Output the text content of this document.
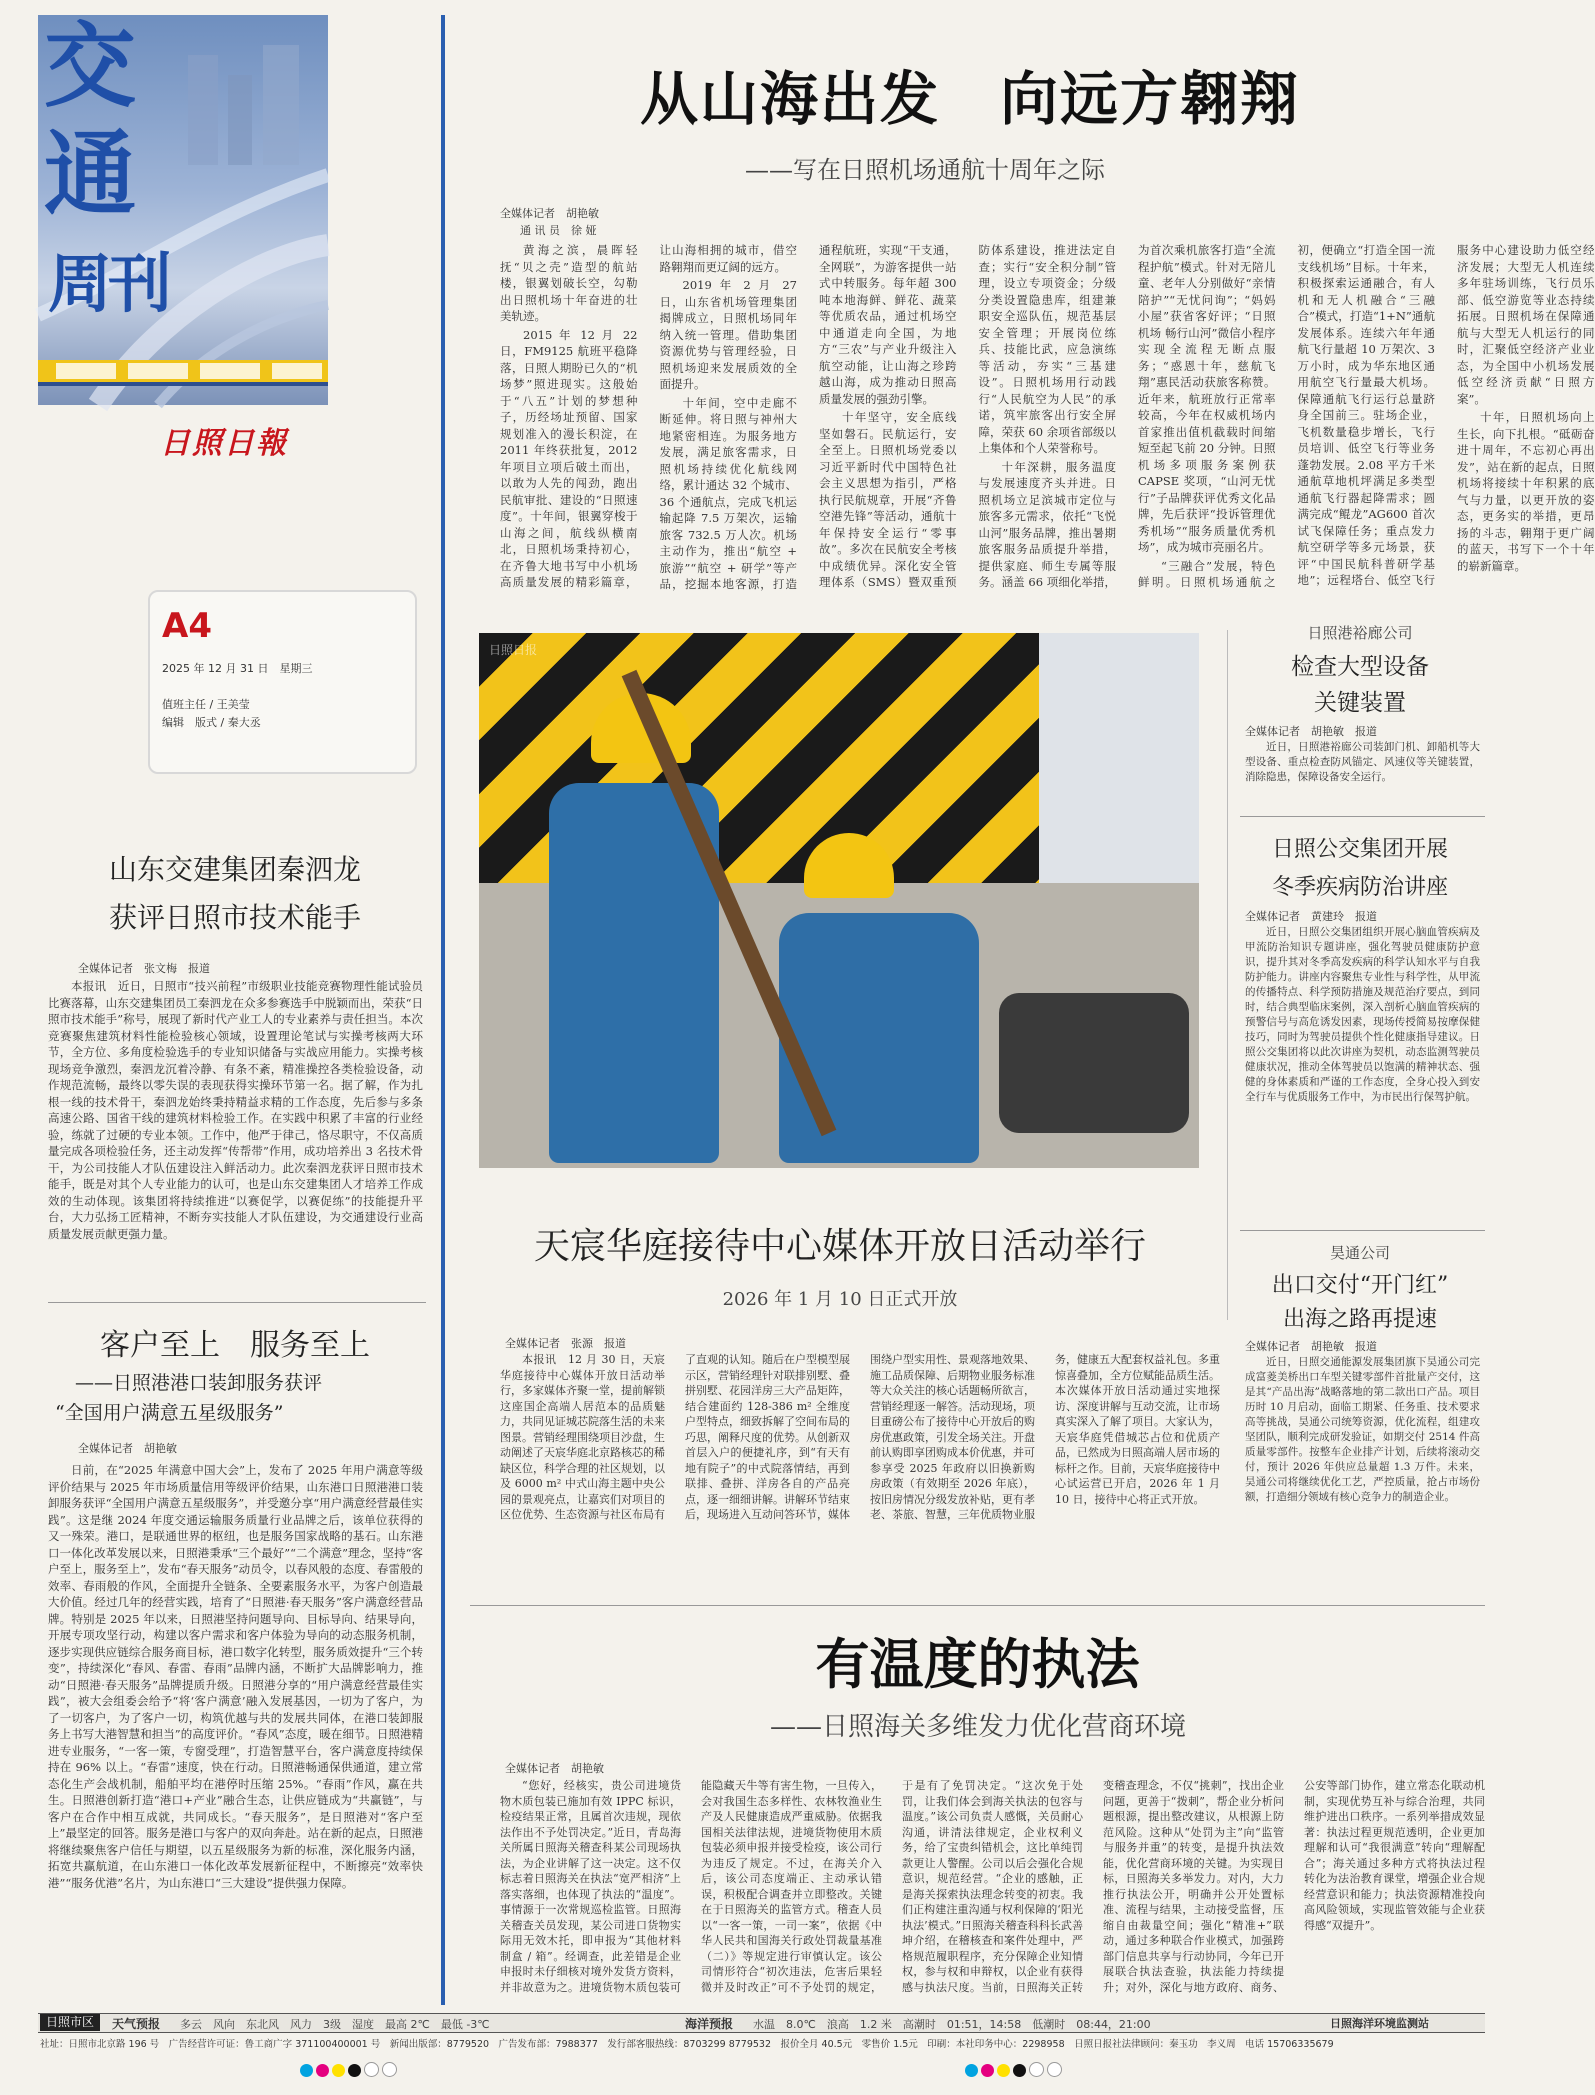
交
通
周刊
日照日報
A4
2025 年 12 月 31 日　星期三
值班主任 / 王美莹
编辑　版式 / 秦大丞
山东交建集团秦泗龙
获评日照市技术能手
全媒体记者　张文梅　报道

本报讯　近日，日照市“技兴前程”市级职业技能竞赛物理性能试验员比赛落幕，山东交建集团员工秦泗龙在众多参赛选手中脱颖而出，荣获“日照市技术能手”称号，展现了新时代产业工人的专业素养与责任担当。本次竞赛聚焦建筑材料性能检验核心领域，设置理论笔试与实操考核两大环节，全方位、多角度检验选手的专业知识储备与实战应用能力。实操考核现场竞争激烈，秦泗龙沉着冷静、有条不紊，精准操控各类检验设备，动作规范流畅，最终以零失误的表现获得实操环节第一名。据了解，作为扎根一线的技术骨干，秦泗龙始终秉持精益求精的工作态度，先后参与多条高速公路、国省干线的建筑材料检验工作。在实践中积累了丰富的行业经验，练就了过硬的专业本领。工作中，他严于律己，恪尽职守，不仅高质量完成各项检验任务，还主动发挥“传帮带”作用，成功培养出 3 名技术骨干，为公司技能人才队伍建设注入鲜活动力。此次秦泗龙获评日照市技术能手，既是对其个人专业能力的认可，也是山东交建集团人才培养工作成效的生动体现。该集团将持续推进“以赛促学，以赛促练”的技能提升平台，大力弘扬工匠精神，不断夯实技能人才队伍建设，为交通建设行业高质量发展贡献更强力量。

客户至上　服务至上
——日照港港口装卸服务获评
“全国用户满意五星级服务”
全媒体记者　胡艳敏

日前，在“2025 年满意中国大会”上，发布了 2025 年用户满意等级评价结果与 2025 年市场质量信用等级评价结果，山东港口日照港港口装卸服务获评“全国用户满意五星级服务”，并受邀分享“用户满意经营最佳实践”。这是继 2024 年度交通运输服务质量行业品牌之后，该单位获得的又一殊荣。港口，是联通世界的枢纽，也是服务国家战略的基石。山东港口一体化改革发展以来，日照港秉承“三个最好”“二个满意”理念，坚持“客户至上，服务至上”，发布“春天服务”动员令，以春风般的态度、春雷般的效率、春雨般的作风，全面提升全链条、全要素服务水平，为客户创造最大价值。经过几年的经营实践，培育了“日照港·春天服务”客户满意经营品牌。特别是 2025 年以来，日照港坚持问题导向、目标导向、结果导向，开展专项攻坚行动，构建以客户需求和客户体验为导向的动态服务机制，逐步实现供应链综合服务商目标，港口数字化转型，服务质效提升“三个转变”，持续深化“春风、春雷、春雨”品牌内涵，不断扩大品牌影响力，推动“日照港·春天服务”品牌提质升级。日照港分享的“用户满意经营最佳实践”，被大会组委会给予“将‘客户满意’融入发展基因，一切为了客户，为了一切客户，为了客户一切，构筑优越与共的发展共同体，在港口装卸服务上书写大港智慧和担当”的高度评价。“春风”态度，暖在细节。日照港精进专业服务，“一客一策，专窗受理”，打造智慧平台，客户满意度持续保持在 96% 以上。“春雷”速度，快在行动。日照港畅通保供通道，建立常态化生产会战机制，船舶平均在港停时压缩 25%。“春雨”作风，赢在共生。日照港创新打造“港口+产业”融合生态，让供应链成为“共赢链”，与客户在合作中相互成就，共同成长。“春天服务”，是日照港对“客户至上”最坚定的回答。服务是港口与客户的双向奔赴。站在新的起点，日照港将继续聚焦客户信任与期望，以五星级服务为新的标准，深化服务内涵，拓宽共赢航道，在山东港口一体化改革发展新征程中，不断擦亮“效率快港”“服务优港”名片，为山东港口“三大建设”提供强力保障。

从山海出发　向远方翱翔
——写在日照机场通航十周年之际
全媒体记者　胡艳敏
通 讯 员　徐 娅

黄海之滨，晨晖轻抚“贝之壳”造型的航站楼，银翼划破长空，勾勒出日照机场十年奋进的壮美轨迹。

2015 年 12 月 22 日，FM9125 航班平稳降落，日照人期盼已久的“机场梦”照进现实。这般始于“八五”计划的梦想种子，历经场址预留、国家规划准入的漫长积淀，在 2011 年终获批复，2012 年项目立项后破土而出，以敢为人先的闯劲，跑出民航审批、建设的“日照速度”。十年间，银翼穿梭于山海之间，航线纵横南北，日照机场秉持初心，在齐鲁大地书写中小机场高质量发展的精彩篇章，让山海相拥的城市，借空路翱翔而更辽阔的远方。

2019 年 2 月 27 日，山东省机场管理集团揭牌成立，日照机场同年纳入统一管理。借助集团资源优势与管理经验，日照机场迎来发展质效的全面提升。

十年间，空中走廊不断延伸。将日照与神州大地紧密相连。为服务地方发展，满足旅客需求，日照机场持续优化航线网络，累计通达 32 个城市、36 个通航点，完成飞机运输起降 7.5 万架次，运输旅客 732.5 万人次。机场主动作为，推出“航空 + 旅游”“航空 + 研学”等产品，挖掘本地客源，打造通程航班，实现“干支通，全网联”，为游客提供一站式中转服务。每年超 300 吨本地海鲜、鲜花、蔬菜等优质农品，通过机场空中通道走向全国，为地方“三农”与产业升级注入航空动能，让山海之珍跨越山海，成为推动日照高质量发展的强劲引擎。

十年坚守，安全底线坚如磐石。民航运行，安全至上。日照机场党委以习近平新时代中国特色社会主义思想为指引，严格执行民航规章，开展“齐鲁空港先锋”等活动，通航十年保持安全运行“零事故”。多次在民航安全考核中成绩优异。深化安全管理体系（SMS）暨双重预防体系建设，推进法定自查；实行“安全积分制”管理，设立专项资金；分级分类设置隐患库，组建兼职安全巡队伍，规范基层安全管理；开展岗位练兵、技能比武，应急演练等活动，夯实“三基建设”。日照机场用行动践行“人民航空为人民”的承诺，筑牢旅客出行安全屏障，荣获 60 余项省部级以上集体和个人荣誉称号。

十年深耕，服务温度与发展速度齐头并进。日照机场立足滨城市定位与旅客多元需求，依托“飞悦山河”服务品牌，推出暑期旅客服务品质提升举措，提供家庭、师生专属等服务。涵盖 66 项细化举措，为首次乘机旅客打造“全流程护航”模式。针对无陪儿童、老年人分别做好“亲情陪护”“无忧问询”；“妈妈小屋”获省客好评；“日照机场 畅行山河”微信小程序实现全流程无断点服务；“惑恩十年，慈航飞翔”惠民活动获旅客称赞。近年来，航班放行正常率较高，今年在权威机场内首家推出值机截载时间缩短至起飞前 20 分钟。日照机场多项服务案例获 CAPSE 奖项，“山河无忧行”子品牌获评优秀文化品牌，先后获评“投诉管理优秀机场”“服务质量优秀机场”，成为城市亮丽名片。

“三融合”发展，特色鲜明。日照机场通航之初，便确立“打造全国一流支线机场”目标。十年来，积极探索运通融合，有人机和无人机融合“三融合”模式，打造“1+N”通航发展体系。连续六年年通航飞行量超 10 万架次、3 万小时，成为华东地区通用航空飞行量最大机场。保障通航飞行运行总量跻身全国前三。驻场企业，飞机数量稳步增长，飞行员培训、低空飞行等业务蓬勃发展。2.08 平方千米通航草地机坪满足多类型通航飞行器起降需求；圆满完成“鲲龙”AG600 首次试飞保障任务；重点发力航空研学等多元场景，获评“中国民航科普研学基地”；远程塔台、低空飞行服务中心建设助力低空经济发展；大型无人机连续多年驻场训练，飞行员乐部、低空游览等业态持续拓展。日照机场在保障通航与大型无人机运行的同时，汇聚低空经济产业业态，为全国中小机场发展低空经济贡献“日照方案”。

十年，日照机场向上生长，向下扎根。“砥砺奋进十周年，不忘初心再出发”，站在新的起点，日照机场将接续十年积累的底气与力量，以更开放的姿态，更务实的举措，更昂扬的斗志，翱翔于更广阔的蓝天，书写下一个十年的崭新篇章。

日照日报
日照港裕廊公司
检查大型设备
关键装置
全媒体记者　胡艳敏　报道

近日，日照港裕廊公司装卸门机、卸船机等大型设备、重点检查防风锚定、风速仪等关键装置，消除隐患，保障设备安全运行。

日照公交集团开展
冬季疾病防治讲座
全媒体记者　黄建玲　报道

近日，日照公交集团组织开展心脑血管疾病及甲流防治知识专题讲座，强化驾驶员健康防护意识，提升其对冬季高发疾病的科学认知水平与自我防护能力。讲座内容聚焦专业性与科学性，从甲流的传播特点、科学预防措施及规范治疗要点，到同时，结合典型临床案例，深入剖析心脑血管疾病的预警信号与高危诱发因素，现场传授简易按摩保健技巧，同时为驾驶员提供个性化健康指导建议。日照公交集团将以此次讲座为契机，动态监测驾驶员健康状况，推动全体驾驶员以饱满的精神状态、强健的身体素质和严谨的工作态度，全身心投入到安全行车与优质服务工作中，为市民出行保驾护航。

昊通公司
出口交付“开门红”
出海之路再提速
全媒体记者　胡艳敏　报道

近日，日照交通能源发展集团旗下昊通公司完成富菱美桥出口车型关键零部件首批量产交付，这是其“产品出海”战略落地的第二款出口产品。项目历时 10 月启动，面临工期紧、任务重、技术要求高等挑战，昊通公司统筹资源，优化流程，组建攻坚团队，顺利完成研发验证，如期交付 2514 件高质量零部件。按整车企业排产计划，后续将滚动交付，预计 2026 年供应总量超 1.3 万件。未来，昊通公司将继续优化工艺，严控质量，抢占市场份额，打造细分领域有核心竞争力的制造企业。

天宸华庭接待中心媒体开放日活动举行
2026 年 1 月 10 日正式开放
全媒体记者　张源　报道

本报讯　12 月 30 日，天宸华庭接待中心媒体开放日活动举行，多家媒体齐聚一堂，提前解锁这座国企高端人居范本的品质魅力，共同见证城芯院落生活的未来图景。营销经理围绕项目沙盘，生动阐述了天宸华庭北京路核芯的稀缺区位，科学合理的社区规划，以及 6000 m² 中式山海主题中央公园的景观亮点，让嘉宾们对项目的区位优势、生态资源与社区布局有了直观的认知。随后在户型模型展示区，营销经理针对联排别墅、叠拼别墅、花园洋房三大产品矩阵，结合建面约 128-386 m² 全维度户型特点，细致拆解了空间布局的巧思，阐释尺度的优势。从创新双首层入户的便捷礼序，到“有天有地有院子”的中式院落情结，再到联排、叠拼、洋房各自的产品亮点，逐一细细讲解。讲解环节结束后，现场进入互动问答环节，媒体围绕户型实用性、景观落地效果、施工品质保障、后期物业服务标准等大众关注的核心话题畅所欲言，营销经理逐一解答。活动现场，项目重磅公布了接待中心开放后的购房优惠政策，引发全场关注。开盘前认购即享团购成本价优惠，并可参享受 2025 年政府以旧换新购房政策（有效期至 2026 年底），按旧房情况分级发放补贴，更有孝老、茶旅、智慧，三年优质物业服务，健康五大配套权益礼包。多重惊喜叠加，全方位赋能品质生活。本次媒体开放日活动通过实地探访、深度讲解与互动交流，让市场真实深入了解了项目。大家认为，天宸华庭凭借城芯占位和优质产品，已然成为日照高端人居市场的标杆之作。目前，天宸华庭接待中心试运营已开启，2026 年 1 月 10 日，接待中心将正式开放。

有温度的执法
——日照海关多维发力优化营商环境
全媒体记者　胡艳敏

“您好，经核实，贵公司进境货物木质包装已施加有效 IPPC 标识，检疫结果正常，且属首次违规，现依法作出不予处罚决定。”近日，青岛海关所属日照海关稽查科某公司现场执法，为企业讲解了这一决定。这不仅标志着日照海关在执法“宽严相济”上落实落细，也体现了执法的“温度”。事情源于一次常规巡检监管。日照海关稽查关员发现，某公司进口货物实际用无效木托，即申报为“其他材料制盒 / 箱”。经调查，此差错是企业申报时未仔细核对境外发货方资料，并非故意为之。进境货物木质包装可能隐藏天牛等有害生物，一旦传入，会对我国生态多样性、农林牧渔业生产及人民健康造成严重威胁。依据我国相关法律法规，进境货物使用木质包装必须申报并接受检疫，该公司行为违反了规定。不过，在海关介入后，该公司态度端正、主动承认错误，积极配合调查并立即整改。关键在于日照海关的监管方式。稽查人员以“一客一策，一司一案”，依据《中华人民共和国海关行政处罚裁量基准（二）》等规定进行审慎认定。该公司情形符合“初次违法，危害后果轻微并及时改正”可不予处罚的规定，于是有了免罚决定。“这次免于处罚，让我们体会到海关执法的包容与温度。”该公司负责人感慨，关员耐心沟通，讲清法律规定，企业权利义务，给了宝贵纠错机会，这比单纯罚款更让人警醒。公司以后会强化合规意识，规范经营。“企业的感触，正是海关探索执法理念转变的初衷。我们正构建注重沟通与权利保障的‘阳光执法’模式。”日照海关稽查科科长武善坤介绍，在稽核查和案件处理中，严格规范履职程序，充分保障企业知情权，参与权和申辩权，以企业有获得感与执法尺度。当前，日照海关正转变稽查理念，不仅“挑刺”，找出企业问题，更善于“拨刺”，帮企业分析问题根源，提出整改建议，从根源上防范风险。这种从“处罚为主”向“监管与服务并重”的转变，是提升执法效能，优化营商环境的关键。为实现目标，日照海关多举发力。对内，大力推行执法公开，明确并公开处置标准、流程与结果，主动接受监督，压缩自由裁量空间；强化“精准+”联动，通过多种联合作业模式，加强跨部门信息共享与行动协同，今年已开展联合执法查验，执法能力持续提升；对外，深化与地方政府、商务、公安等部门协作，建立常态化联动机制，实现优势互补与综合治理，共同维护进出口秩序。一系列举措成效显著：执法过程更规范透明，企业更加理解和认可“我很满意”转向“理解配合”；海关通过多种方式将执法过程转化为法治教育课堂，增强企业合规经营意识和能力；执法资源精准投向高风险领域，实现监管效能与企业获得感“双提升”。

日照市区	天气预报 多云　风向　东北风　风力　3级　湿度　最高 2℃　最低 -3℃	海洋预报 水温　8.0℃　浪高　1.2 米　高潮时　01:51，14:58　低潮时　08:44，21:00	日照海洋环境监测站
社址：日照市北京路 196 号　广告经营许可证：鲁工商广字 371100400001 号　新闻出版部：8779520　广告发布部：7988377　发行部客服热线：8703299 8779532　报价全月 40.5元　零售价 1.5元　印刷：本社印务中心：2298958　日照日报社法律顾问：秦玉功　李义周　电话 15706335679
